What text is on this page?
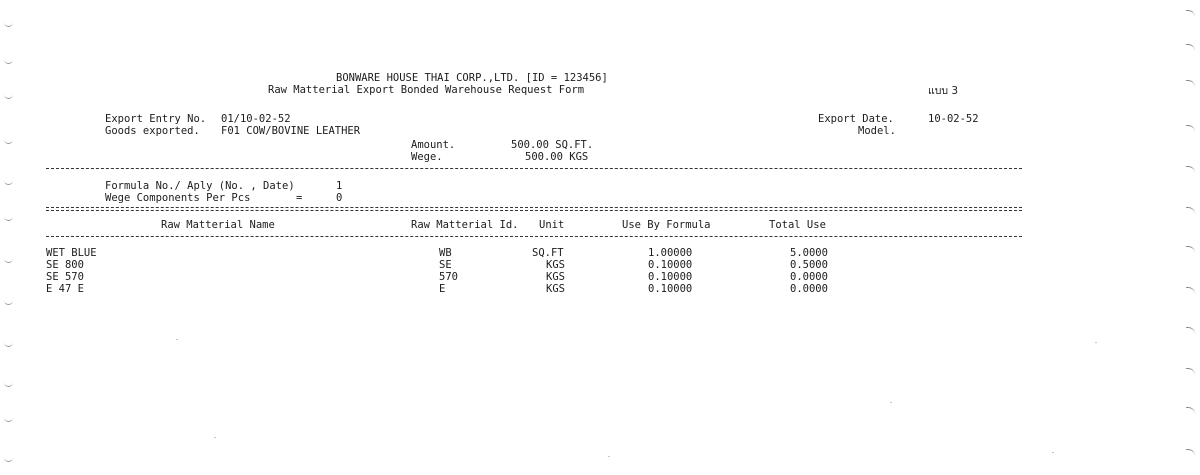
BONWARE HOUSE THAI CORP.,LTD. [ID = 123456]
Raw Matterial Export Bonded Warehouse Request Form	แบบ 3
Export Entry No. 01/10-02-52
Goods exported. F01 COW/BOVINE LEATHER
Export Date.	10-02-52
Model.
Amount.	500.00 SQ.FT.
Wege.	500.00 KGS
Formula No./ Aply (No. , Date)	1
Wege Components Per Pcs	=	0
Raw Matterial Name	Raw Matterial Id. Unit	Use By Formula	Total Use
WET BLUE	WB	SQ.FT	1.00000	5.0000
SE 800	SE	KGS	0.10000	0.5000
SE 570	570	KGS	0.10000	0.0000
E 47 E	E	KGS	0.10000	0.0000
